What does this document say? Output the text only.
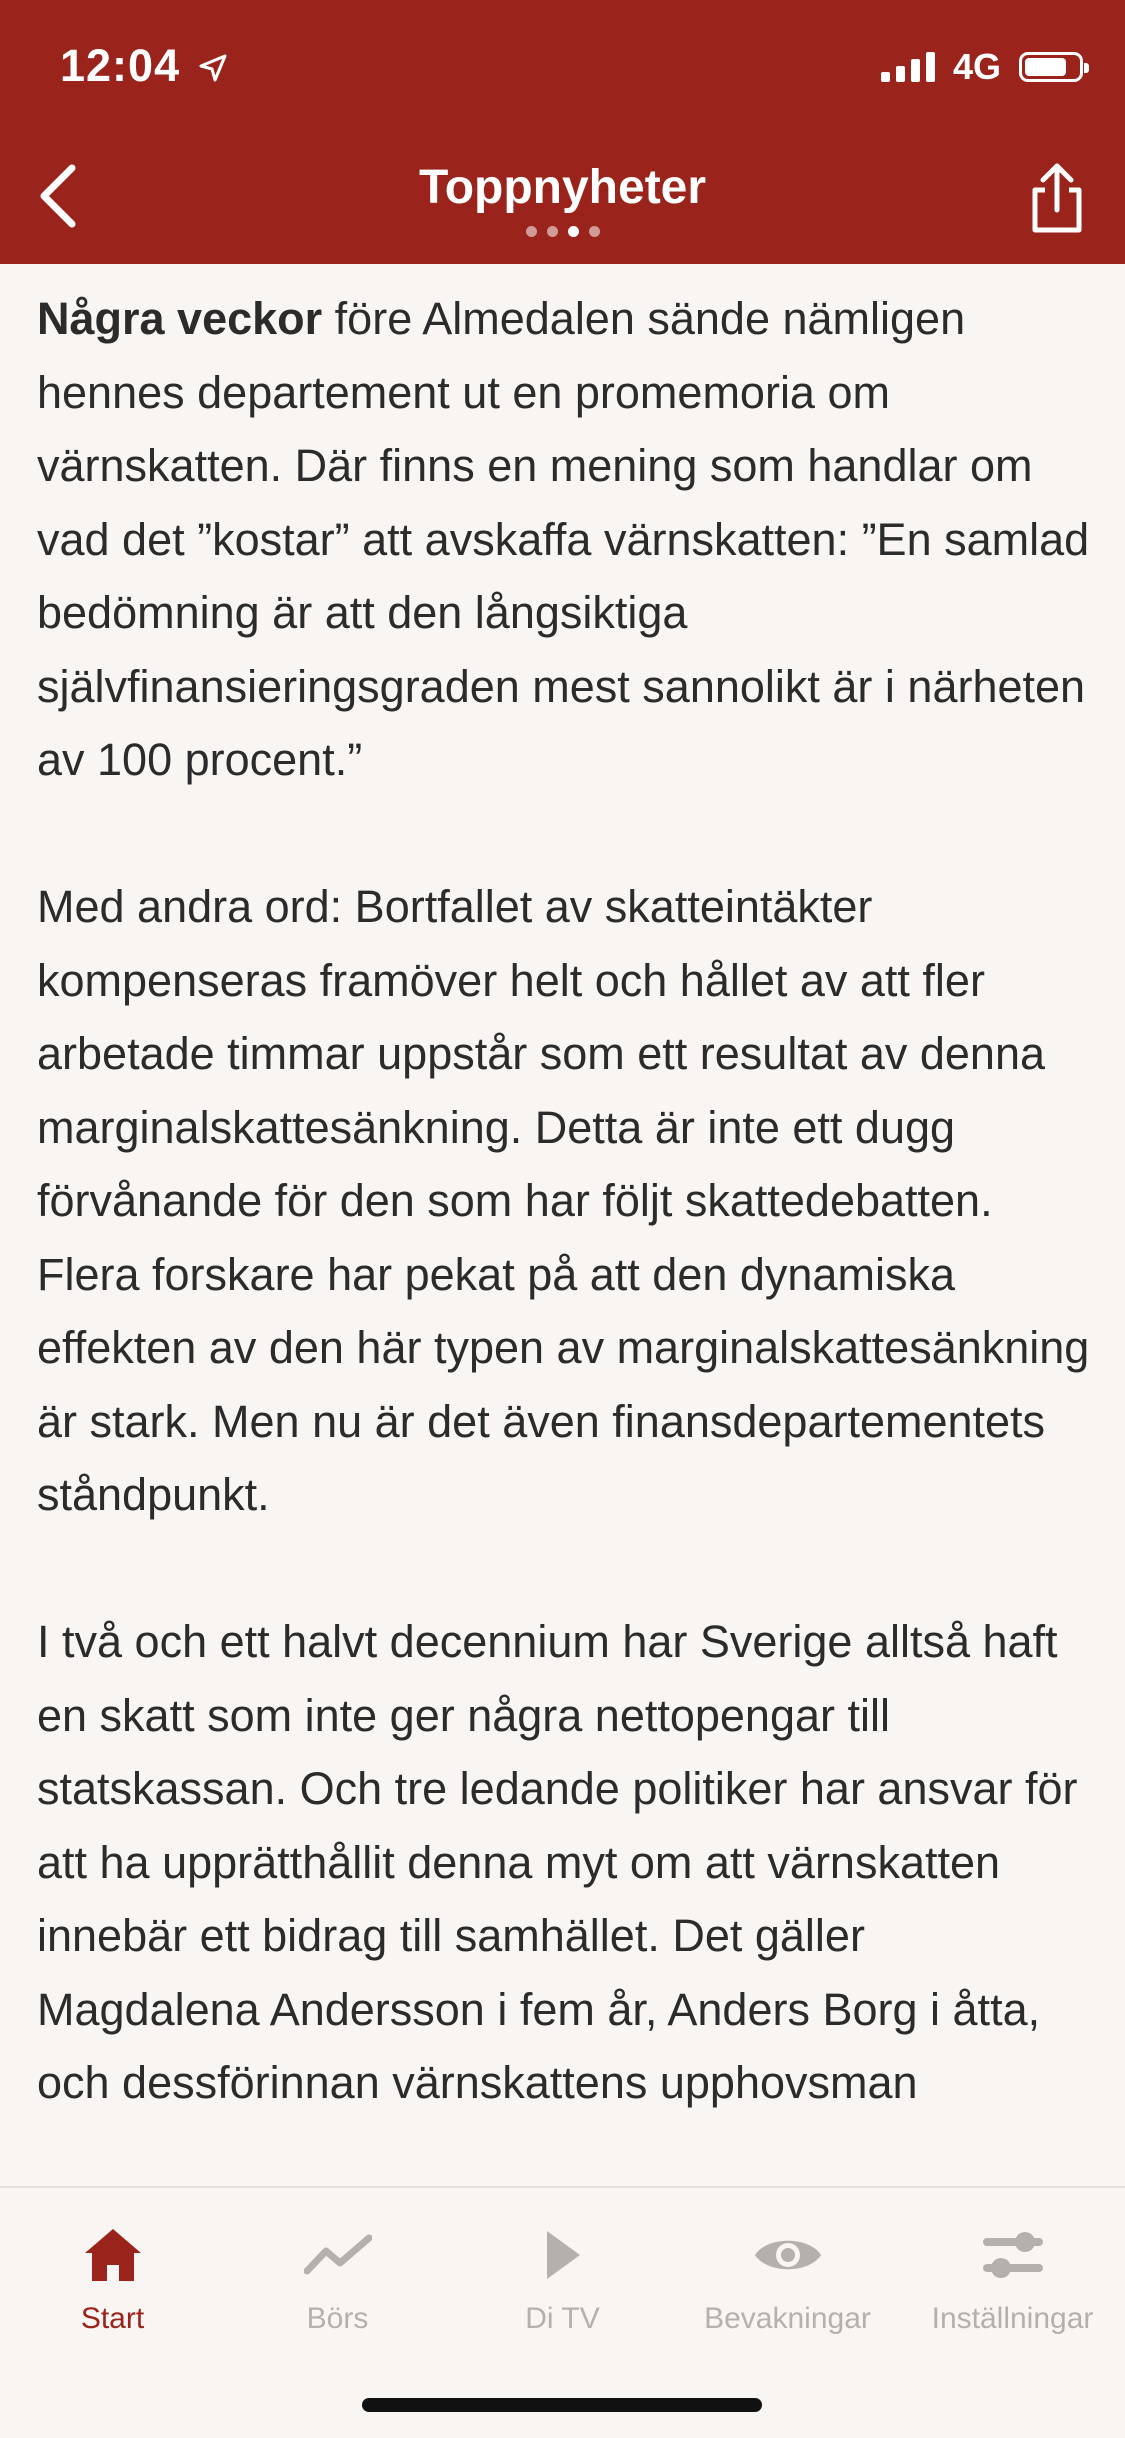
12:04	4G
Toppnyheter

Några veckor före Almedalen sände nämligen hennes departement ut en promemoria om värnskatten. Där finns en mening som handlar om vad det ”kostar” att avskaffa värnskatten: ”En samlad bedömning är att den långsiktiga självfinansieringsgraden mest sannolikt är i närheten av 100 procent.”

Med andra ord: Bortfallet av skatteintäkter kompenseras framöver helt och hållet av att fler arbetade timmar uppstår som ett resultat av denna marginalskattesänkning. Detta är inte ett dugg förvånande för den som har följt skattedebatten. Flera forskare har pekat på att den dynamiska effekten av den här typen av marginalskattesänkning är stark. Men nu är det även finansdepartementets ståndpunkt.

I två och ett halvt decennium har Sverige alltså haft en skatt som inte ger några nettopengar till statskassan. Och tre ledande politiker har ansvar för att ha upprätthållit denna myt om att värnskatten innebär ett bidrag till samhället. Det gäller Magdalena Andersson i fem år, Anders Borg i åtta, och dessförinnan värnskattens upphovsman

Start	Börs	Di TV	Bevakningar	Inställningar
